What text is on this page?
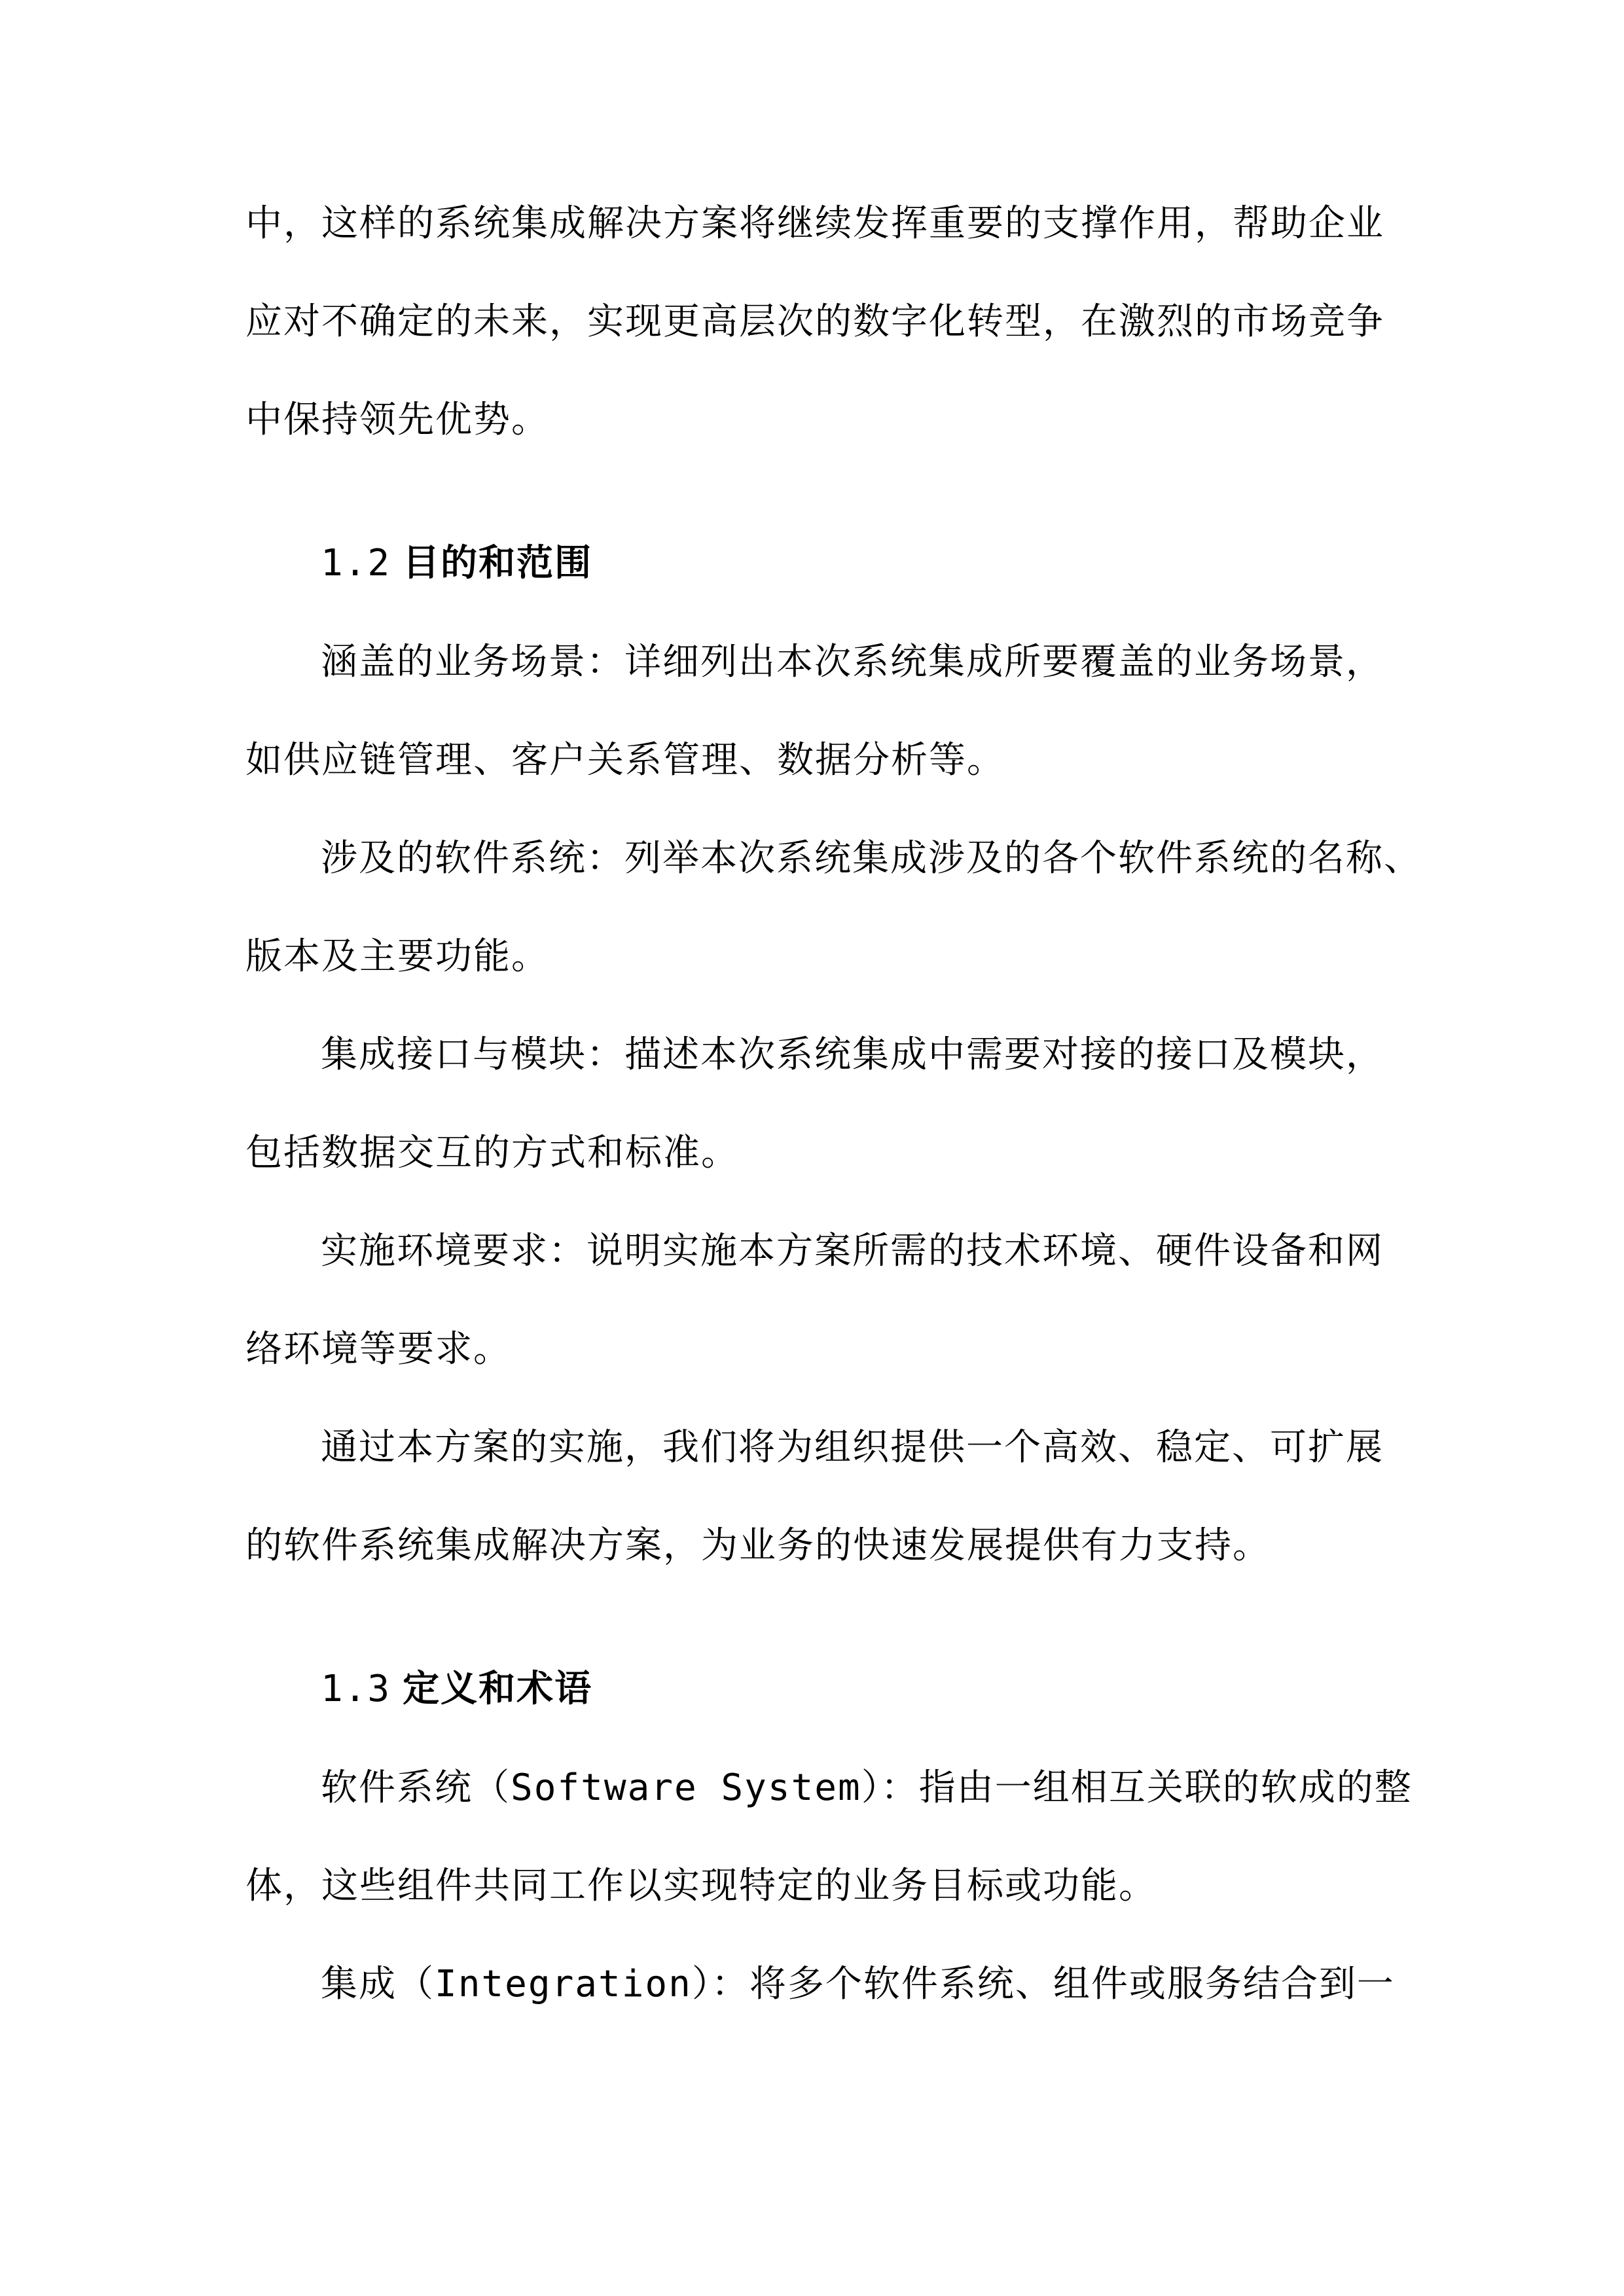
中，这样的系统集成解决方案将继续发挥重要的支撑作用，帮助企业
应对不确定的未来，实现更高层次的数字化转型，在激烈的市场竞争
中保持领先优势。
1.2 目的和范围
涵盖的业务场景：详细列出本次系统集成所要覆盖的业务场景，
如供应链管理、客户关系管理、数据分析等。
涉及的软件系统：列举本次系统集成涉及的各个软件系统的名称、
版本及主要功能。
集成接口与模块：描述本次系统集成中需要对接的接口及模块，
包括数据交互的方式和标准。
实施环境要求：说明实施本方案所需的技术环境、硬件设备和网
络环境等要求。
通过本方案的实施，我们将为组织提供一个高效、稳定、可扩展
的软件系统集成解决方案，为业务的快速发展提供有力支持。
1.3 定义和术语
软件系统（Software System）：指由一组相互关联的软成的整
体，这些组件共同工作以实现特定的业务目标或功能。
集成（Integration）：将多个软件系统、组件或服务结合到一
